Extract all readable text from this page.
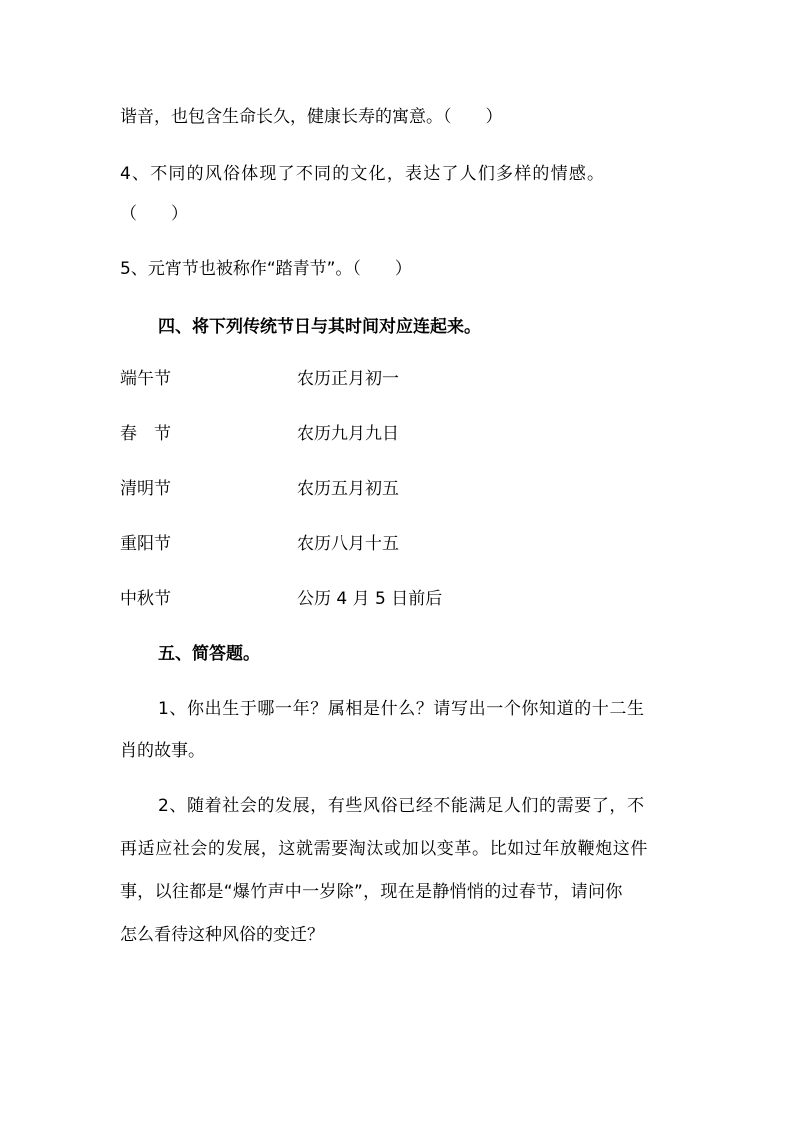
谐音，也包含生命长久，健康长寿的寓意。（　　）
4、不同的风俗体现了不同的文化，表达了人们多样的情感。
（　　）
5、元宵节也被称作“踏青节”。（　　）
四、将下列传统节日与其时间对应连起来。
端午节	农历正月初一
春　节	农历九月九日
清明节	农历五月初五
重阳节	农历八月十五
中秋节	公历 4 月 5 日前后
五、简答题。
1、你出生于哪一年？属相是什么？请写出一个你知道的十二生
肖的故事。
2、随着社会的发展，有些风俗已经不能满足人们的需要了，不
再适应社会的发展，这就需要淘汰或加以变革。比如过年放鞭炮这件
事，以往都是“爆竹声中一岁除”，现在是静悄悄的过春节，请问你
怎么看待这种风俗的变迁？
